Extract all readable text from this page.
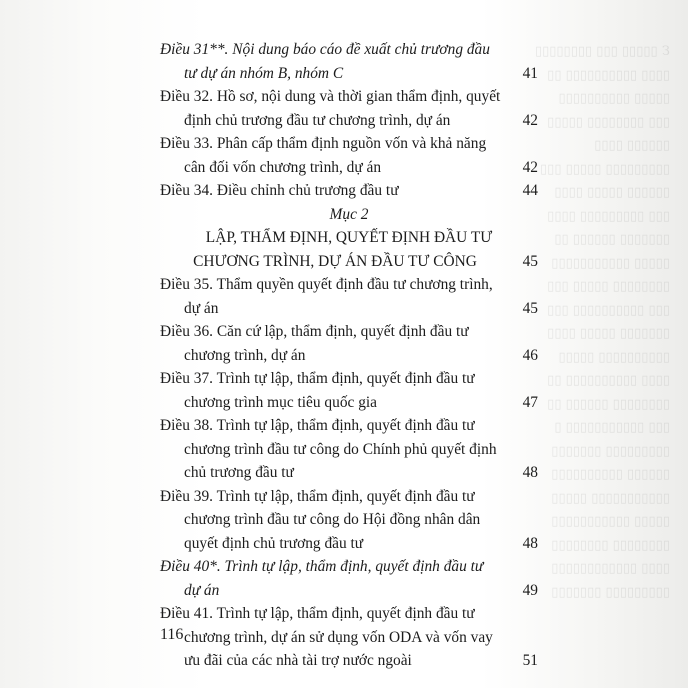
Ɛ ▯▯▯▯▯ ▯▯▯ ▯▯▯▯▯▯▯▯
▯▯▯▯ ▯▯▯▯▯▯▯▯▯▯ ▯▯
▯▯▯▯▯ ▯▯▯▯▯▯▯▯▯▯
▯▯▯ ▯▯▯▯▯▯▯▯ ▯▯▯▯▯
▯▯▯▯▯▯ ▯▯▯▯
▯▯▯▯▯▯▯▯▯ ▯▯▯▯▯ ▯▯▯
▯▯▯▯▯▯ ▯▯▯▯▯ ▯▯▯▯
▯▯▯ ▯▯▯▯▯▯▯▯▯ ▯▯▯▯
▯▯▯▯▯▯▯ ▯▯▯▯▯▯ ▯▯
▯▯▯▯▯ ▯▯▯▯▯▯▯▯▯▯▯
▯▯▯▯▯▯▯▯ ▯▯▯▯▯ ▯▯▯
▯▯▯ ▯▯▯▯▯▯▯▯▯▯ ▯▯▯
▯▯▯▯▯▯▯ ▯▯▯▯▯ ▯▯▯▯
▯▯▯▯▯▯▯▯▯▯ ▯▯▯▯▯
▯▯▯▯ ▯▯▯▯▯▯▯▯▯▯ ▯▯
▯▯▯▯▯▯▯▯ ▯▯▯▯▯▯ ▯▯
▯▯▯ ▯▯▯▯▯▯▯▯▯▯▯ ▯
▯▯▯▯▯▯▯▯▯ ▯▯▯▯▯▯▯
▯▯▯▯▯▯ ▯▯▯▯▯▯▯▯▯▯
▯▯▯▯▯▯▯▯▯▯▯ ▯▯▯▯▯
▯▯▯▯▯ ▯▯▯▯▯▯▯▯▯▯▯
▯▯▯▯▯▯▯▯ ▯▯▯▯▯▯▯▯
▯▯▯▯ ▯▯▯▯▯▯▯▯▯▯▯▯
▯▯▯▯▯▯▯▯▯ ▯▯▯▯▯▯▯
Điều 31**. Nội dung báo cáo đề xuất chủ trương đầu
tư dự án nhóm B, nhóm C	41
Điều 32. Hồ sơ, nội dung và thời gian thẩm định, quyết
định chủ trương đầu tư chương trình, dự án	42
Điều 33. Phân cấp thẩm định nguồn vốn và khả năng
cân đối vốn chương trình, dự án	42
Điều 34. Điều chỉnh chủ trương đầu tư	44
Mục 2
LẬP, THẨM ĐỊNH, QUYẾT ĐỊNH ĐẦU TƯ
CHƯƠNG TRÌNH, DỰ ÁN ĐẦU TƯ CÔNG	45
Điều 35. Thẩm quyền quyết định đầu tư chương trình,
dự án	45
Điều 36. Căn cứ lập, thẩm định, quyết định đầu tư
chương trình, dự án	46
Điều 37. Trình tự lập, thẩm định, quyết định đầu tư
chương trình mục tiêu quốc gia	47
Điều 38. Trình tự lập, thẩm định, quyết định đầu tư
chương trình đầu tư công do Chính phủ quyết định
chủ trương đầu tư	48
Điều 39. Trình tự lập, thẩm định, quyết định đầu tư
chương trình đầu tư công do Hội đồng nhân dân
quyết định chủ trương đầu tư	48
Điều 40*. Trình tự lập, thẩm định, quyết định đầu tư
dự án	49
Điều 41. Trình tự lập, thẩm định, quyết định đầu tư
chương trình, dự án sử dụng vốn ODA và vốn vay
ưu đãi của các nhà tài trợ nước ngoài	51
116
